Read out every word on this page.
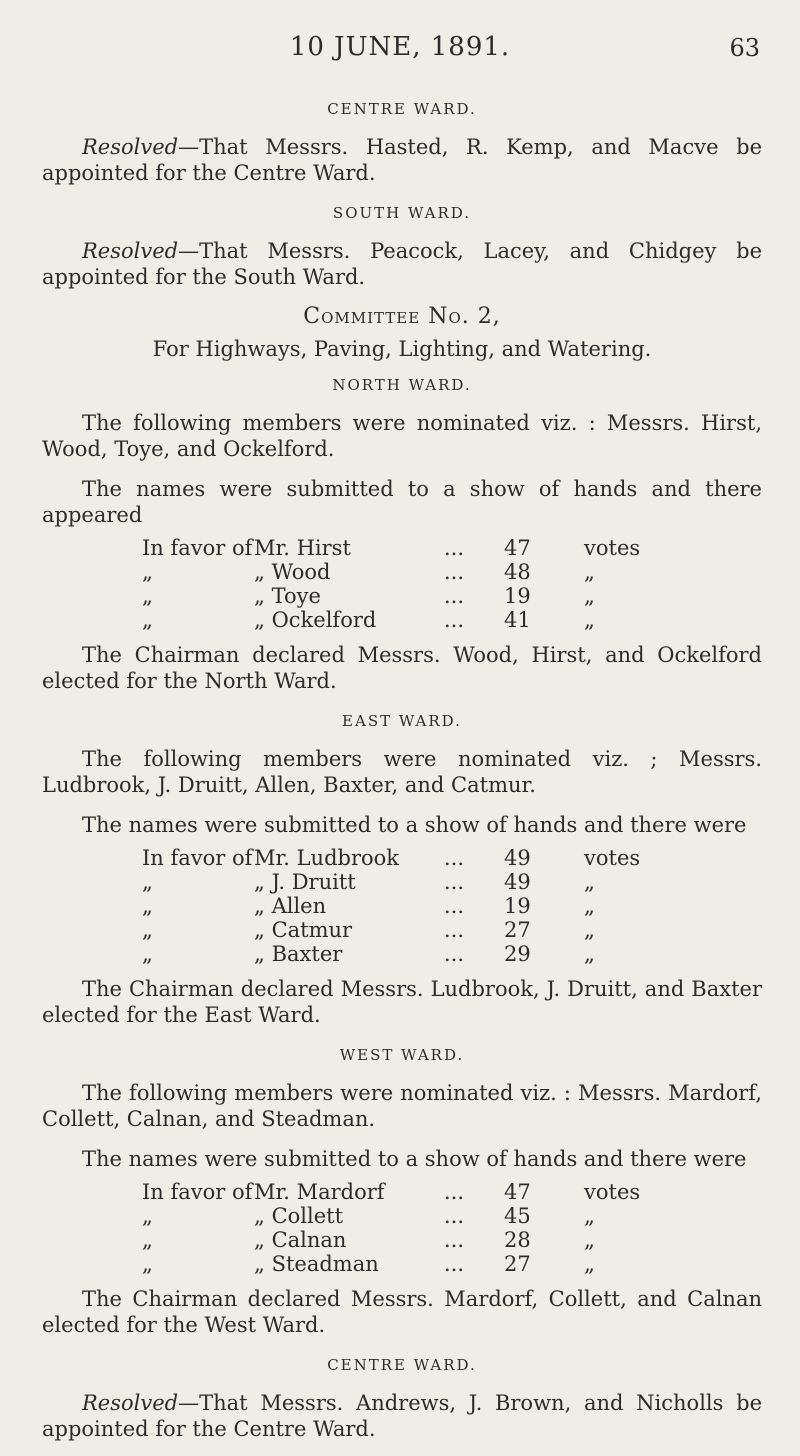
10 JUNE, 1891.	63
CENTRE WARD.

Resolved—That Messrs. Hasted, R. Kemp, and Macve be appointed for the Centre Ward.

SOUTH WARD.

Resolved—That Messrs. Peacock, Lacey, and Chidgey be appointed for the South Ward.

Committee No. 2,
For Highways, Paving, Lighting, and Watering.
NORTH WARD.

The following members were nominated viz. : Messrs. Hirst, Wood, Toye, and Ockelford.

The names were submitted to a show of hands and there appeared

In favor of Mr. Hirst	...	47	votes
„	„ Wood	...	48	„
„	„ Toye	...	19	„
„	„ Ockelford	...	41	„

The Chairman declared Messrs. Wood, Hirst, and Ockelford elected for the North Ward.

EAST WARD.

The following members were nominated viz. ; Messrs. Ludbrook, J. Druitt, Allen, Baxter, and Catmur.

The names were submitted to a show of hands and there were

In favor of Mr. Ludbrook	...	49	votes
„	„ J. Druitt	...	49	„
„	„ Allen	...	19	„
„	„ Catmur	...	27	„
„	„ Baxter	...	29	„

The Chairman declared Messrs. Ludbrook, J. Druitt, and Baxter elected for the East Ward.

WEST WARD.

The following members were nominated viz. : Messrs. Mardorf, Collett, Calnan, and Steadman.

The names were submitted to a show of hands and there were

In favor of Mr. Mardorf	...	47	votes
„	„ Collett	...	45	„
„	„ Calnan	...	28	„
„	„ Steadman	...	27	„

The Chairman declared Messrs. Mardorf, Collett, and Calnan elected for the West Ward.

CENTRE WARD.

Resolved—That Messrs. Andrews, J. Brown, and Nicholls be appointed for the Centre Ward.
